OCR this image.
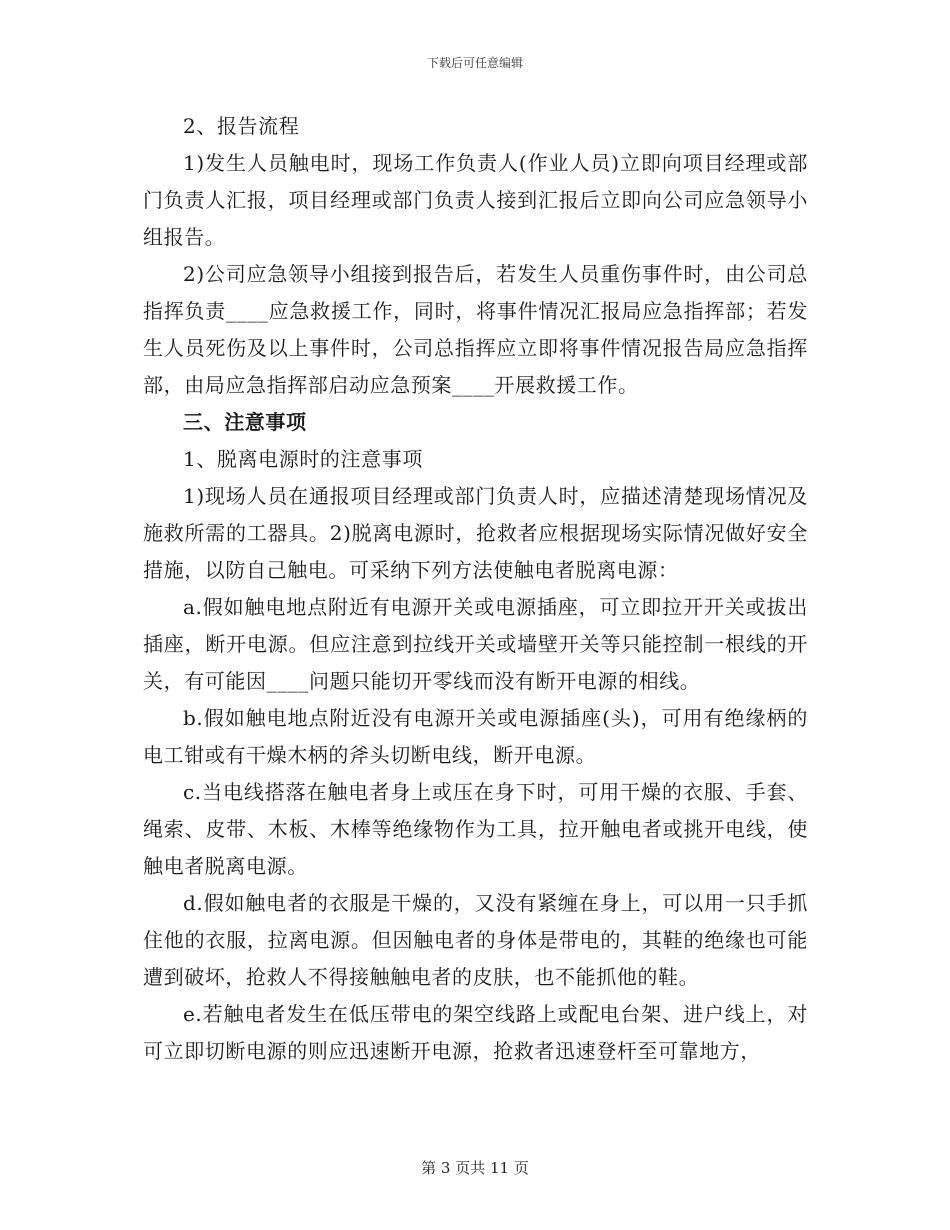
下载后可任意编辑

2、报告流程

1)发生人员触电时，现场工作负责人(作业人员)立即向项目经理或部门负责人汇报，项目经理或部门负责人接到汇报后立即向公司应急领导小组报告。

2)公司应急领导小组接到报告后，若发生人员重伤事件时，由公司总指挥负责____应急救援工作，同时，将事件情况汇报局应急指挥部；若发生人员死伤及以上事件时，公司总指挥应立即将事件情况报告局应急指挥部，由局应急指挥部启动应急预案____开展救援工作。

三、注意事项

1、脱离电源时的注意事项

1)现场人员在通报项目经理或部门负责人时，应描述清楚现场情况及施救所需的工器具。2)脱离电源时，抢救者应根据现场实际情况做好安全措施，以防自己触电。可采纳下列方法使触电者脱离电源：

a.假如触电地点附近有电源开关或电源插座，可立即拉开开关或拔出插座，断开电源。但应注意到拉线开关或墙壁开关等只能控制一根线的开关，有可能因____问题只能切开零线而没有断开电源的相线。

b.假如触电地点附近没有电源开关或电源插座(头)，可用有绝缘柄的电工钳或有干燥木柄的斧头切断电线，断开电源。

c.当电线搭落在触电者身上或压在身下时，可用干燥的衣服、手套、绳索、皮带、木板、木棒等绝缘物作为工具，拉开触电者或挑开电线，使触电者脱离电源。

d.假如触电者的衣服是干燥的，又没有紧缠在身上，可以用一只手抓住他的衣服，拉离电源。但因触电者的身体是带电的，其鞋的绝缘也可能遭到破坏，抢救人不得接触触电者的皮肤，也不能抓他的鞋。

e.若触电者发生在低压带电的架空线路上或配电台架、进户线上，对可立即切断电源的则应迅速断开电源，抢救者迅速登杆至可靠地方，

第 3 页共 11 页
